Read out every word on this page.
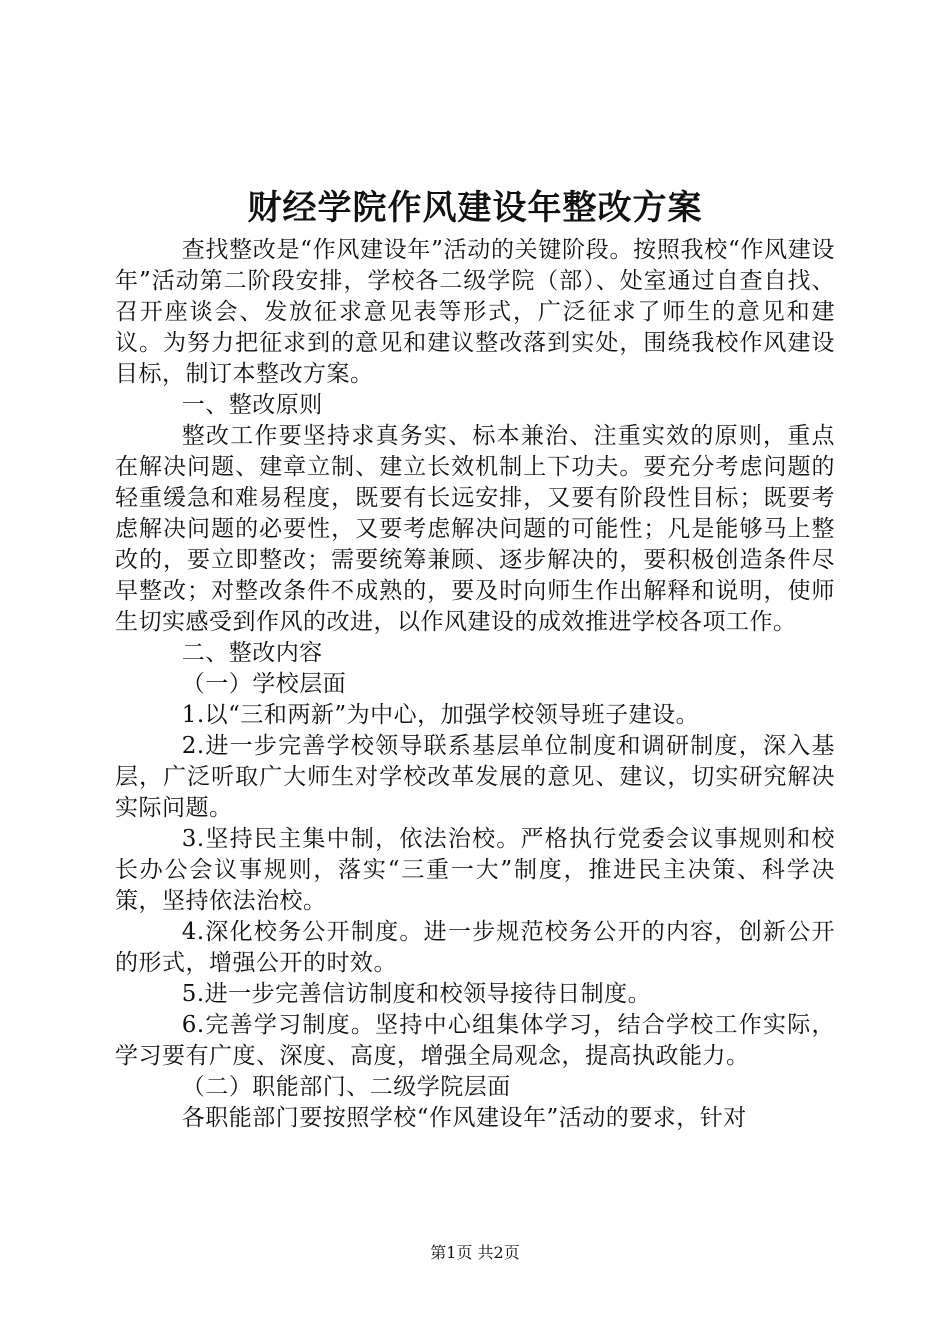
财经学院作风建设年整改方案

查找整改是“作风建设年”活动的关键阶段。按照我校“作风建设年”活动第二阶段安排，学校各二级学院（部）、处室通过自查自找、召开座谈会、发放征求意见表等形式，广泛征求了师生的意见和建议。为努力把征求到的意见和建议整改落到实处，围绕我校作风建设目标，制订本整改方案。

一、整改原则

整改工作要坚持求真务实、标本兼治、注重实效的原则，重点在解决问题、建章立制、建立长效机制上下功夫。要充分考虑问题的轻重缓急和难易程度，既要有长远安排，又要有阶段性目标；既要考虑解决问题的必要性，又要考虑解决问题的可能性；凡是能够马上整改的，要立即整改；需要统筹兼顾、逐步解决的，要积极创造条件尽早整改；对整改条件不成熟的，要及时向师生作出解释和说明，使师生切实感受到作风的改进，以作风建设的成效推进学校各项工作。

二、整改内容

（一）学校层面

1.以“三和两新”为中心，加强学校领导班子建设。

2.进一步完善学校领导联系基层单位制度和调研制度，深入基层，广泛听取广大师生对学校改革发展的意见、建议，切实研究解决实际问题。

3.坚持民主集中制，依法治校。严格执行党委会议事规则和校长办公会议事规则，落实“三重一大”制度，推进民主决策、科学决策，坚持依法治校。

4.深化校务公开制度。进一步规范校务公开的内容，创新公开的形式，增强公开的时效。

5.进一步完善信访制度和校领导接待日制度。

6.完善学习制度。坚持中心组集体学习，结合学校工作实际，学习要有广度、深度、高度，增强全局观念，提高执政能力。

（二）职能部门、二级学院层面

各职能部门要按照学校“作风建设年”活动的要求，针对

第1页 共2页
